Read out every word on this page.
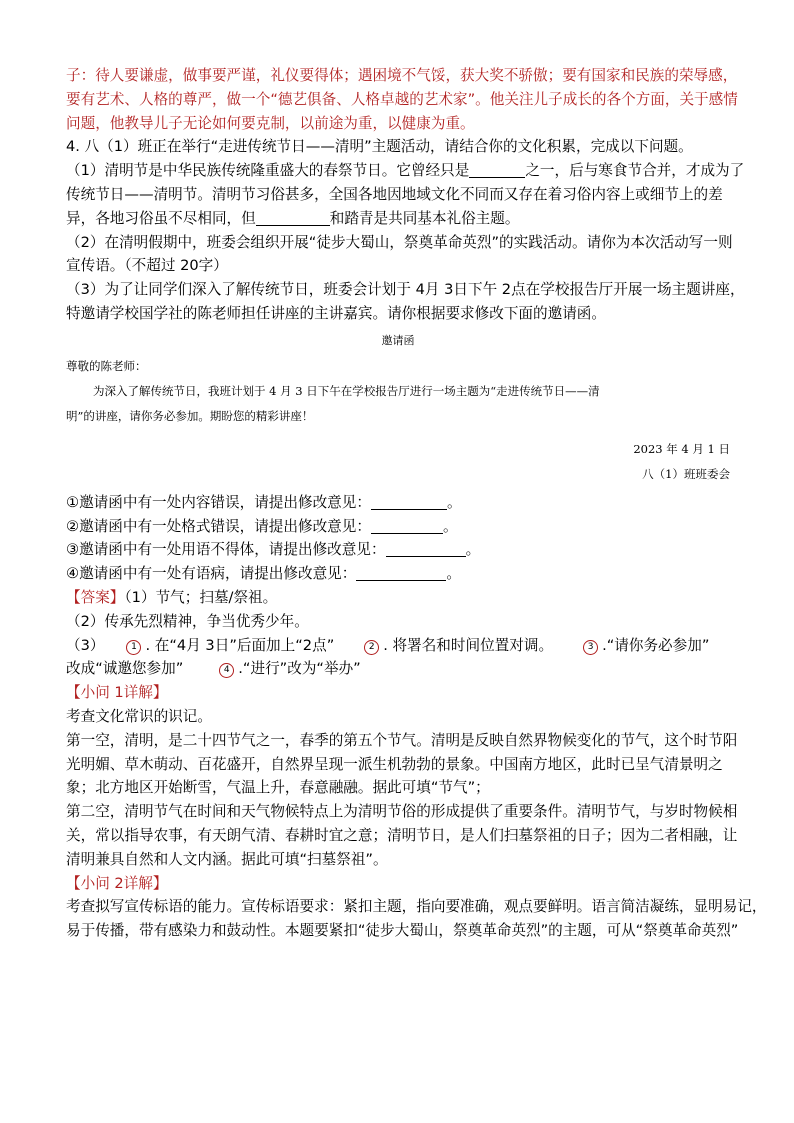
子：待人要谦虚，做事要严谨，礼仪要得体；遇困境不气馁，获大奖不骄傲；要有国家和民族的荣辱感，
要有艺术、人格的尊严，做一个“德艺俱备、人格卓越的艺术家”。他关注儿子成长的各个方面，关于感情
问题，他教导儿子无论如何要克制，以前途为重，以健康为重。
4. 八（1）班正在举行“走进传统节日——清明”主题活动，请结合你的文化积累，完成以下问题。
（1）清明节是中华民族传统隆重盛大的春祭节日。它曾经只是	之一，后与寒食节合并，才成为了
传统节日——清明节。清明节习俗甚多，全国各地因地域文化不同而又存在着习俗内容上或细节上的差
异，各地习俗虽不尽相同，但	和踏青是共同基本礼俗主题。
（2）在清明假期中，班委会组织开展“徒步大蜀山，祭奠革命英烈”的实践活动。请你为本次活动写一则
宣传语。（不超过 20字）
（3）为了让同学们深入了解传统节日，班委会计划于 4月 3日下午 2点在学校报告厅开展一场主题讲座，
特邀请学校国学社的陈老师担任讲座的主讲嘉宾。请你根据要求修改下面的邀请函。
邀请函
尊敬的陈老师：
为深入了解传统节日，我班计划于 4 月 3 日下午在学校报告厅进行一场主题为“走进传统节日——清
明”的讲座，请你务必参加。期盼您的精彩讲座！
2023 年 4 月 1 日
八（1）班班委会
①邀请函中有一处内容错误，请提出修改意见：	。
②邀请函中有一处格式错误，请提出修改意见：	。
③邀请函中有一处用语不得体，请提出修改意见：	。
④邀请函中有一处有语病，请提出修改意见：	。
【答案】（1）节气；扫墓/祭祖。
（2）传承先烈精神，争当优秀少年。
（3）	1 . 在“4月 3日”后面加上“2点”	2 . 将署名和时间位置对调。	3 .“请你务必参加”
改成“诚邀您参加”	4 .“进行”改为“举办”
【小问 1详解】
考查文化常识的识记。
第一空，清明，是二十四节气之一，春季的第五个节气。清明是反映自然界物候变化的节气，这个时节阳
光明媚、草木萌动、百花盛开，自然界呈现一派生机勃勃的景象。中国南方地区，此时已呈气清景明之
象；北方地区开始断雪，气温上升，春意融融。据此可填“节气”；
第二空，清明节气在时间和天气物候特点上为清明节俗的形成提供了重要条件。清明节气，与岁时物候相
关，常以指导农事，有天朗气清、春耕时宜之意；清明节日，是人们扫墓祭祖的日子；因为二者相融，让
清明兼具自然和人文内涵。据此可填“扫墓祭祖”。
【小问 2详解】
考查拟写宣传标语的能力。宣传标语要求：紧扣主题，指向要准确，观点要鲜明。语言简洁凝练，显明易记，
易于传播，带有感染力和鼓动性。本题要紧扣“徒步大蜀山，祭奠革命英烈”的主题，可从“祭奠革命英烈”
